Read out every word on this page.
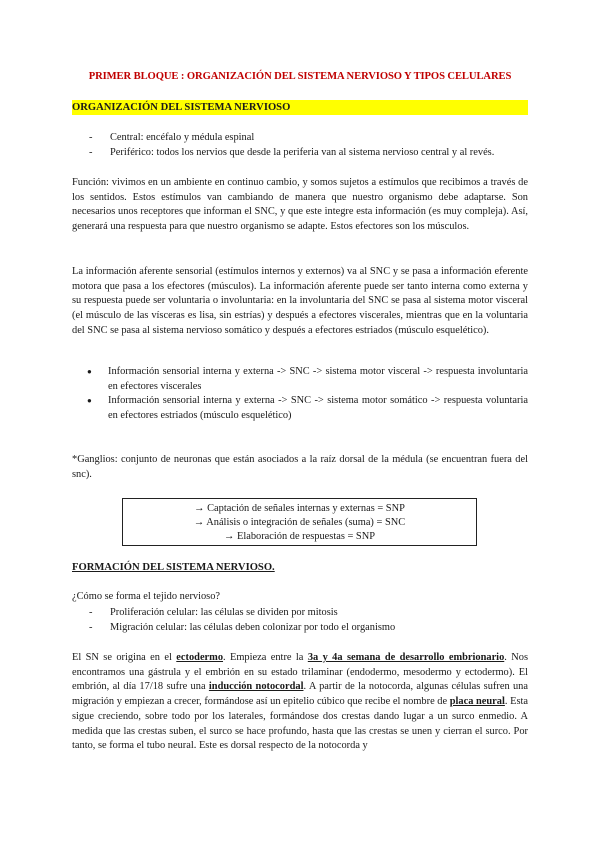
PRIMER BLOQUE : ORGANIZACIÓN DEL SISTEMA NERVIOSO Y TIPOS CELULARES
ORGANIZACIÓN DEL SISTEMA NERVIOSO
- Central: encéfalo y médula espinal
- Periférico: todos los nervios que desde la periferia van al sistema nervioso central y al revés.

Función: vivimos en un ambiente en continuo cambio, y somos sujetos a estímulos que recibimos a través de los sentidos. Estos estímulos van cambiando de manera que nuestro organismo debe adaptarse. Son necesarios unos receptores que informan el SNC, y que este integre esta información (es muy compleja). Así, generará una respuesta para que nuestro organismo se adapte. Estos efectores son los músculos.

La información aferente sensorial (estímulos internos y externos) va al SNC y se pasa a información eferente motora que pasa a los efectores (músculos). La información aferente puede ser tanto interna como externa y su respuesta puede ser voluntaria o involuntaria: en la involuntaria del SNC se pasa al sistema motor visceral (el músculo de las vísceras es lisa, sin estrías) y después a efectores viscerales, mientras que en la voluntaria del SNC se pasa al sistema nervioso somático y después a efectores estriados (músculo esquelético).

● Información sensorial interna y externa -> SNC -> sistema motor visceral -> respuesta involuntaria en efectores viscerales
● Información sensorial interna y externa -> SNC -> sistema motor somático -> respuesta voluntaria en efectores estriados (músculo esquelético)

*Ganglios: conjunto de neuronas que están asociados a la raíz dorsal de la médula (se encuentran fuera del snc).

→ Captación de señales internas y externas = SNP
→ Análisis o integración de señales (suma) = SNC
→ Elaboración de respuestas = SNP
FORMACIÓN DEL SISTEMA NERVIOSO.

¿Cómo se forma el tejido nervioso?

- Proliferación celular: las células se dividen por mitosis
- Migración celular: las células deben colonizar por todo el organismo

El SN se origina en el ectodermo. Empieza entre la 3a y 4a semana de desarrollo embrionario. Nos encontramos una gástrula y el embrión en su estado trilaminar (endodermo, mesodermo y ectodermo). El embrión, al día 17/18 sufre una inducción notocordal. A partir de la notocorda, algunas células sufren una migración y empiezan a crecer, formándose así un epitelio cúbico que recibe el nombre de placa neural. Esta sigue creciendo, sobre todo por los laterales, formándose dos crestas dando lugar a un surco enmedio. A medida que las crestas suben, el surco se hace profundo, hasta que las crestas se unen y cierran el surco. Por tanto, se forma el tubo neural. Este es dorsal respecto de la notocorda y
